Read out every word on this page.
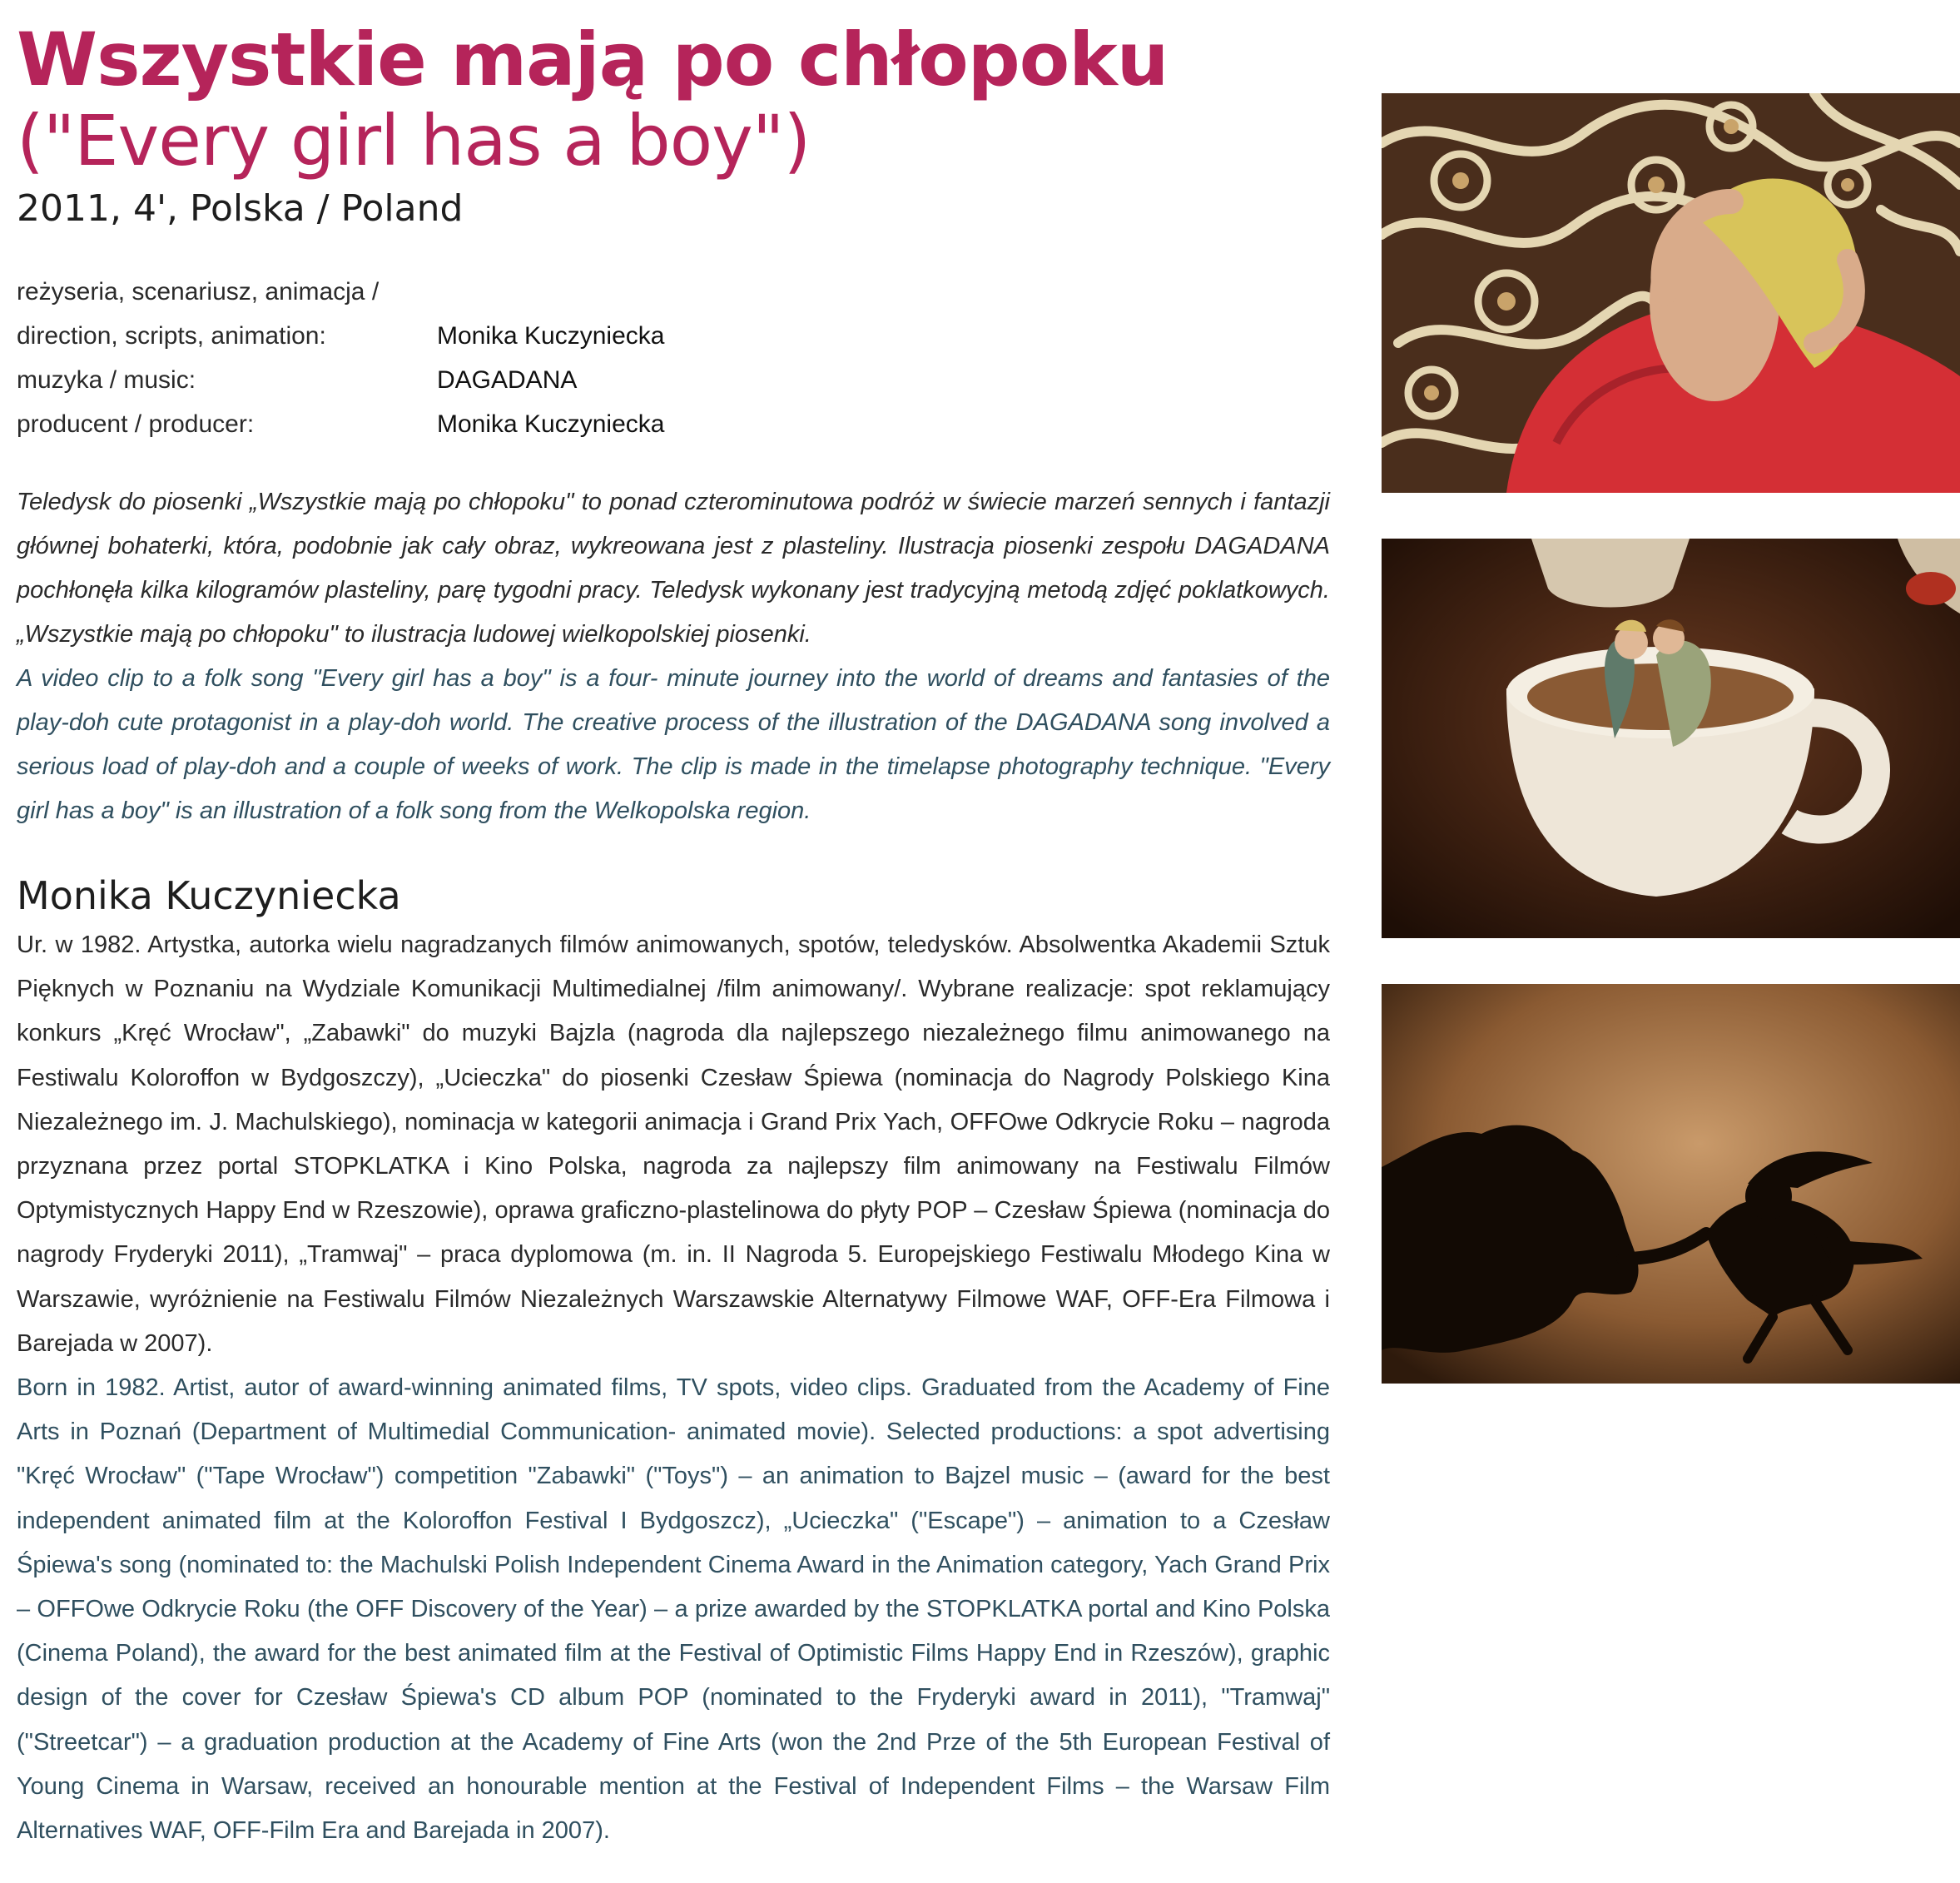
Wszystkie mają po chłopoku
("Every girl has a boy")

2011, 4', Polska / Poland

reżyseria, scenariusz, animacja /
direction, scripts, animation:	Monika Kuczyniecka
muzyka / music:	DAGADANA
producent / producer:	Monika Kuczyniecka

Teledysk do piosenki „Wszystkie mają po chłopoku" to ponad czterominutowa podróż w świecie marzeń sennych i fantazji głównej bohaterki, która, podobnie jak cały obraz, wykreowana jest z plasteliny. Ilustracja piosenki zespołu DAGADANA pochłonęła kilka kilogramów plasteliny, parę tygodni pracy. Teledysk wykonany jest tradycyjną metodą zdjęć poklatkowych. „Wszystkie mają po chłopoku" to ilustracja ludowej wielkopolskiej piosenki.

A video clip to a folk song "Every girl has a boy" is a four- minute journey into the world of dreams and fantasies of the play-doh cute protagonist in a play-doh world. The creative process of the illustration of the DAGADANA song involved a serious load of play-doh and a couple of weeks of work. The clip is made in the timelapse photography technique. "Every girl has a boy" is an illustration of a folk song from the Welkopolska region.

Monika Kuczyniecka

Ur. w 1982. Artystka, autorka wielu nagradzanych filmów animowanych, spotów, teledysków. Absolwentka Akademii Sztuk Pięknych w Poznaniu na Wydziale Komunikacji Multimedialnej /film animowany/. Wybrane realizacje: spot reklamujący konkurs „Kręć Wrocław", „Zabawki" do muzyki Bajzla (nagroda dla najlepszego niezależnego filmu animowanego na Festiwalu Koloroffon w Bydgoszczy), „Ucieczka" do piosenki Czesław Śpiewa (nominacja do Nagrody Polskiego Kina Niezależnego im. J. Machulskiego), nominacja w kategorii animacja i Grand Prix Yach, OFFOwe Odkrycie Roku – nagroda przyznana przez portal STOPKLATKA i Kino Polska, nagroda za najlepszy film animowany na Festiwalu Filmów Optymistycznych Happy End w Rzeszowie), oprawa graficzno-plastelinowa do płyty POP – Czesław Śpiewa (nominacja do nagrody Fryderyki 2011), „Tramwaj" – praca dyplomowa (m. in. II Nagroda 5. Europejskiego Festiwalu Młodego Kina w Warszawie, wyróżnienie na Festiwalu Filmów Niezależnych Warszawskie Alternatywy Filmowe WAF, OFF-Era Filmowa i Barejada w 2007).

Born in 1982. Artist, autor of award-winning animated films, TV spots, video clips. Graduated from the Academy of Fine Arts in Poznań (Department of Multimedial Communication- animated movie). Selected productions: a spot advertising "Kręć Wrocław" ("Tape Wrocław") competition "Zabawki" ("Toys") – an animation to Bajzel music – (award for the best independent animated film at the Koloroffon Festival I Bydgoszcz), „Ucieczka" ("Escape") – animation to a Czesław Śpiewa's song (nominated to: the Machulski Polish Independent Cinema Award in the Animation category, Yach Grand Prix – OFFOwe Odkrycie Roku (the OFF Discovery of the Year) – a prize awarded by the STOPKLATKA portal and Kino Polska (Cinema Poland), the award for the best animated film at the Festival of Optimistic Films Happy End in Rzeszów), graphic design of the cover for Czesław Śpiewa's CD album POP (nominated to the Fryderyki award in 2011), "Tramwaj" ("Streetcar") – a graduation production at the Academy of Fine Arts (won the 2nd Prze of the 5th European Festival of Young Cinema in Warsaw, received an honourable mention at the Festival of Independent Films – the Warsaw Film Alternatives WAF, OFF-Film Era and Barejada in 2007).
